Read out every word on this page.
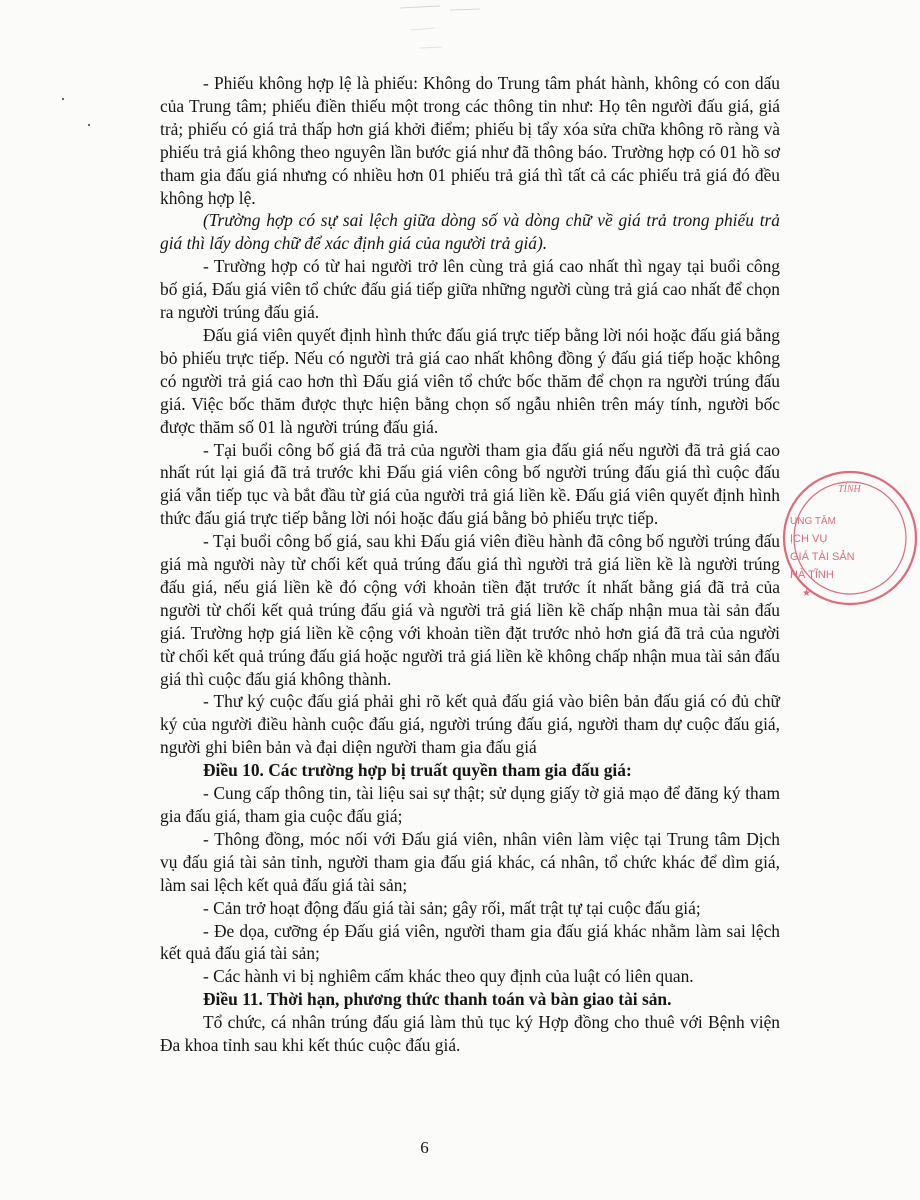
- Phiếu không hợp lệ là phiếu: Không do Trung tâm phát hành, không có con dấu của Trung tâm; phiếu điền thiếu một trong các thông tin như: Họ tên người đấu giá, giá trả; phiếu có giá trả thấp hơn giá khởi điểm; phiếu bị tẩy xóa sửa chữa không rõ ràng và phiếu trả giá không theo nguyên lần bước giá như đã thông báo. Trường hợp có 01 hồ sơ tham gia đấu giá nhưng có nhiều hơn 01 phiếu trả giá thì tất cả các phiếu trả giá đó đều không hợp lệ.

(Trường hợp có sự sai lệch giữa dòng số và dòng chữ về giá trả trong phiếu trả giá thì lấy dòng chữ để xác định giá của người trả giá).

- Trường hợp có từ hai người trở lên cùng trả giá cao nhất thì ngay tại buổi công bố giá, Đấu giá viên tổ chức đấu giá tiếp giữa những người cùng trả giá cao nhất để chọn ra người trúng đấu giá.

Đấu giá viên quyết định hình thức đấu giá trực tiếp bằng lời nói hoặc đấu giá bằng bỏ phiếu trực tiếp. Nếu có người trả giá cao nhất không đồng ý đấu giá tiếp hoặc không có người trả giá cao hơn thì Đấu giá viên tổ chức bốc thăm để chọn ra người trúng đấu giá. Việc bốc thăm được thực hiện bằng chọn số ngẫu nhiên trên máy tính, người bốc được thăm số 01 là người trúng đấu giá.

- Tại buổi công bố giá đã trả của người tham gia đấu giá nếu người đã trả giá cao nhất rút lại giá đã trả trước khi Đấu giá viên công bố người trúng đấu giá thì cuộc đấu giá vẫn tiếp tục và bắt đầu từ giá của người trả giá liền kề. Đấu giá viên quyết định hình thức đấu giá trực tiếp bằng lời nói hoặc đấu giá bằng bỏ phiếu trực tiếp.

- Tại buổi công bố giá, sau khi Đấu giá viên điều hành đã công bố người trúng đấu giá mà người này từ chối kết quả trúng đấu giá thì người trả giá liền kề là người trúng đấu giá, nếu giá liền kề đó cộng với khoản tiền đặt trước ít nhất bằng giá đã trả của người từ chối kết quả trúng đấu giá và người trả giá liền kề chấp nhận mua tài sản đấu giá. Trường hợp giá liền kề cộng với khoản tiền đặt trước nhỏ hơn giá đã trả của người từ chối kết quả trúng đấu giá hoặc người trả giá liền kề không chấp nhận mua tài sản đấu giá thì cuộc đấu giá không thành.

- Thư ký cuộc đấu giá phải ghi rõ kết quả đấu giá vào biên bản đấu giá có đủ chữ ký của người điều hành cuộc đấu giá, người trúng đấu giá, người tham dự cuộc đấu giá, người ghi biên bản và đại diện người tham gia đấu giá

Điều 10. Các trường hợp bị truất quyền tham gia đấu giá:

- Cung cấp thông tin, tài liệu sai sự thật; sử dụng giấy tờ giả mạo để đăng ký tham gia đấu giá, tham gia cuộc đấu giá;

- Thông đồng, móc nối với Đấu giá viên, nhân viên làm việc tại Trung tâm Dịch vụ đấu giá tài sản tỉnh, người tham gia đấu giá khác, cá nhân, tổ chức khác để dìm giá, làm sai lệch kết quả đấu giá tài sản;

- Cản trở hoạt động đấu giá tài sản; gây rối, mất trật tự tại cuộc đấu giá;

- Đe dọa, cưỡng ép Đấu giá viên, người tham gia đấu giá khác nhằm làm sai lệch kết quả đấu giá tài sản;

- Các hành vi bị nghiêm cấm khác theo quy định của luật có liên quan.

Điều 11. Thời hạn, phương thức thanh toán và bàn giao tài sản.

Tổ chức, cá nhân trúng đấu giá làm thủ tục ký Hợp đồng cho thuê với Bệnh viện Đa khoa tỉnh sau khi kết thúc cuộc đấu giá.

TỈNH
UNG TÂM
ỊCH VỤ
GIÁ TÀI SẢN
HÀ TĨNH
★
6
